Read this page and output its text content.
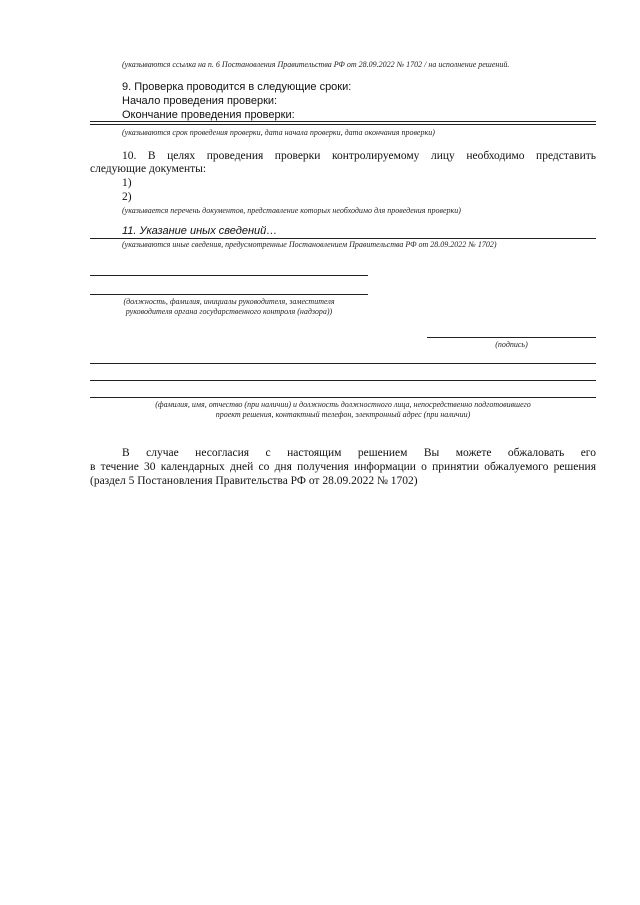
(указываются ссылка на п. 6 Постановления Правительства РФ от 28.09.2022 № 1702 / на исполнение решений.
9. Проверка проводится в следующие сроки:
Начало проведения проверки:
Окончание проведения проверки:
(указываются срок проведения проверки, дата начала проверки, дата окончания проверки)
10. В целях проведения проверки контролируемому лицу необходимо представить
следующие документы:
1)
2)
(указывается перечень документов, представление которых необходимо для проведения проверки)
11. Указание иных сведений…
(указываются иные сведения, предусмотренные Постановлением Правительства РФ от 28.09.2022 № 1702)
(должность, фамилия, инициалы руководителя, заместителя
руководителя органа государственного контроля (надзора))
(подпись)
(фамилия, имя, отчество (при наличии) и должность должностного лица, непосредственно подготовившего
проект решения, контактный телефон, электронный адрес (при наличии)
В случае несогласия с настоящим решением Вы можете обжаловать его
в течение 30 календарных дней со дня получения информации о принятии обжалуемого решения
(раздел 5 Постановления Правительства РФ от 28.09.2022 № 1702)
